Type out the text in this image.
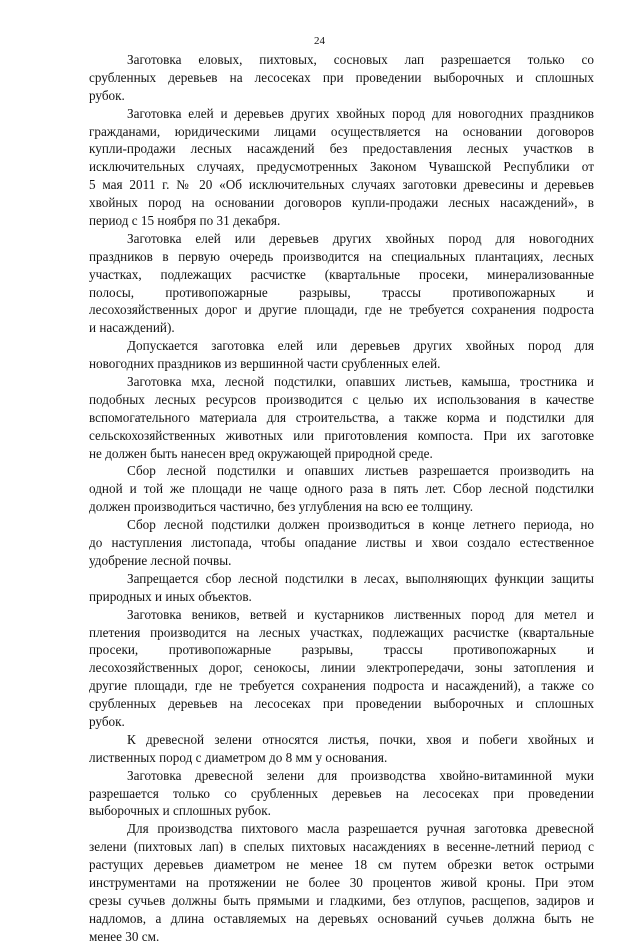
24
Заготовка еловых, пихтовых, сосновых лап разрешается только со
срубленных деревьев на лесосеках при проведении выборочных и сплошных
рубок.
Заготовка елей и деревьев других хвойных пород для новогодних праздников
гражданами, юридическими лицами осуществляется на основании договоров
купли-продажи лесных насаждений без предоставления лесных участков в
исключительных случаях, предусмотренных Законом Чувашской Республики от
5 мая 2011 г. № 20 «Об исключительных случаях заготовки древесины и деревьев
хвойных пород на основании договоров купли-продажи лесных насаждений», в
период с 15 ноября по 31 декабря.
Заготовка елей или деревьев других хвойных пород для новогодних
праздников в первую очередь производится на специальных плантациях, лесных
участках, подлежащих расчистке (квартальные просеки, минерализованные
полосы, противопожарные разрывы, трассы противопожарных и
лесохозяйственных дорог и другие площади, где не требуется сохранения подроста
и насаждений).
Допускается заготовка елей или деревьев других хвойных пород для
новогодних праздников из вершинной части срубленных елей.
Заготовка мха, лесной подстилки, опавших листьев, камыша, тростника и
подобных лесных ресурсов производится с целью их использования в качестве
вспомогательного материала для строительства, а также корма и подстилки для
сельскохозяйственных животных или приготовления компоста. При их заготовке
не должен быть нанесен вред окружающей природной среде.
Сбор лесной подстилки и опавших листьев разрешается производить на
одной и той же площади не чаще одного раза в пять лет. Сбор лесной подстилки
должен производиться частично, без углубления на всю ее толщину.
Сбор лесной подстилки должен производиться в конце летнего периода, но
до наступления листопада, чтобы опадание листвы и хвои создало естественное
удобрение лесной почвы.
Запрещается сбор лесной подстилки в лесах, выполняющих функции защиты
природных и иных объектов.
Заготовка веников, ветвей и кустарников лиственных пород для метел и
плетения производится на лесных участках, подлежащих расчистке (квартальные
просеки, противопожарные разрывы, трассы противопожарных и
лесохозяйственных дорог, сенокосы, линии электропередачи, зоны затопления и
другие площади, где не требуется сохранения подроста и насаждений), а также со
срубленных деревьев на лесосеках при проведении выборочных и сплошных
рубок.
К древесной зелени относятся листья, почки, хвоя и побеги хвойных и
лиственных пород с диаметром до 8 мм у основания.
Заготовка древесной зелени для производства хвойно-витаминной муки
разрешается только со срубленных деревьев на лесосеках при проведении
выборочных и сплошных рубок.
Для производства пихтового масла разрешается ручная заготовка древесной
зелени (пихтовых лап) в спелых пихтовых насаждениях в весенне-летний период с
растущих деревьев диаметром не менее 18 см путем обрезки веток острыми
инструментами на протяжении не более 30 процентов живой кроны. При этом
срезы сучьев должны быть прямыми и гладкими, без отлупов, расщепов, задиров и
надломов, а длина оставляемых на деревьях оснований сучьев должна быть не
менее 30 см.
